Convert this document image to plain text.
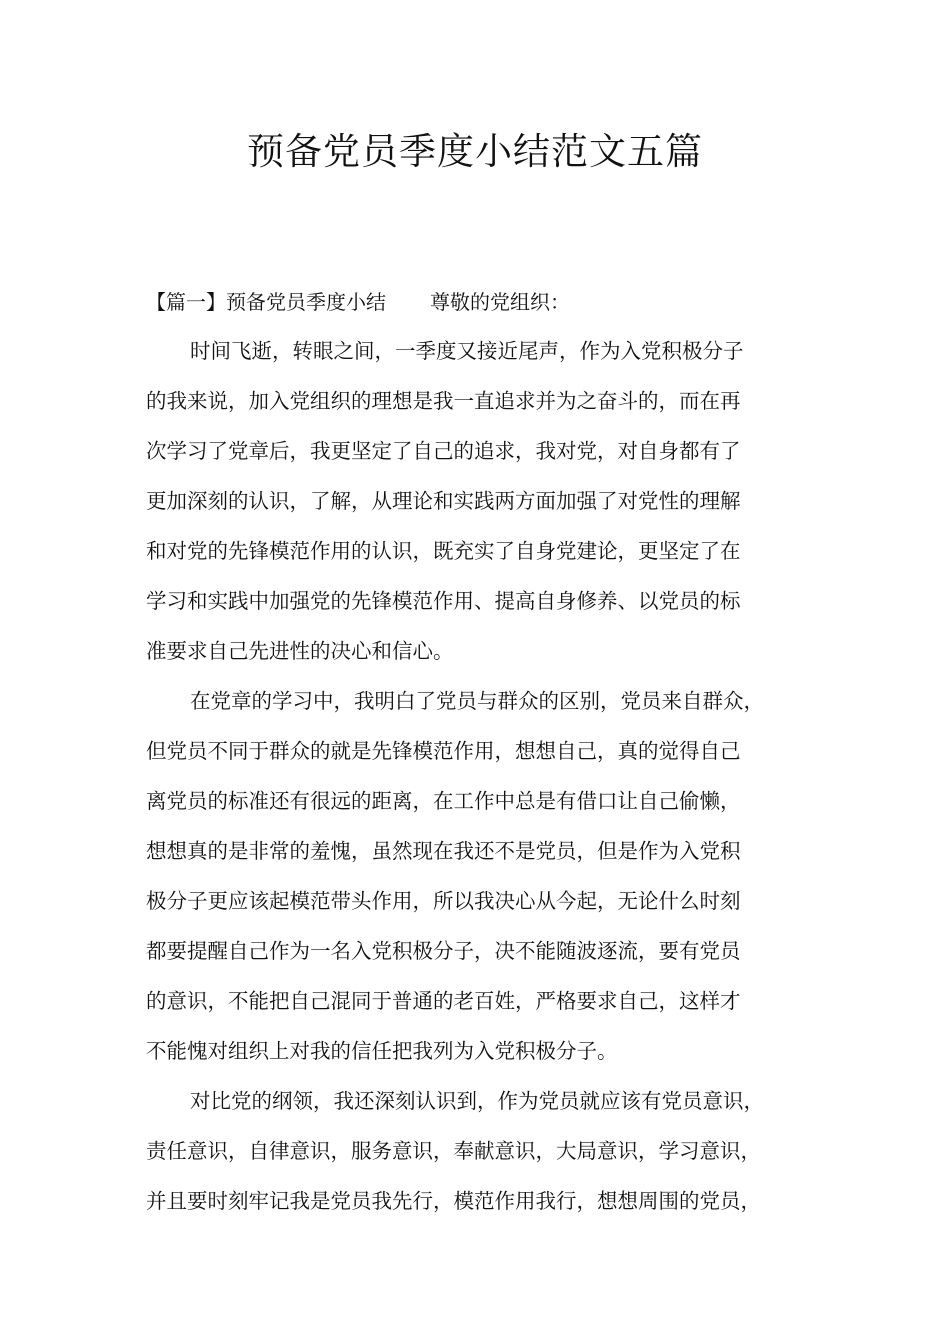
预备党员季度小结范文五篇
【篇一】预备党员季度小结 尊敬的党组织：
时间飞逝，转眼之间，一季度又接近尾声，作为入党积极分子
的我来说，加入党组织的理想是我一直追求并为之奋斗的，而在再
次学习了党章后，我更坚定了自己的追求，我对党，对自身都有了
更加深刻的认识，了解，从理论和实践两方面加强了对党性的理解
和对党的先锋模范作用的认识，既充实了自身党建论，更坚定了在
学习和实践中加强党的先锋模范作用、提高自身修养、以党员的标
准要求自己先进性的决心和信心。
在党章的学习中，我明白了党员与群众的区别，党员来自群众，
但党员不同于群众的就是先锋模范作用，想想自己，真的觉得自己
离党员的标准还有很远的距离，在工作中总是有借口让自己偷懒，
想想真的是非常的羞愧，虽然现在我还不是党员，但是作为入党积
极分子更应该起模范带头作用，所以我决心从今起，无论什么时刻
都要提醒自己作为一名入党积极分子，决不能随波逐流，要有党员
的意识，不能把自己混同于普通的老百姓，严格要求自己，这样才
不能愧对组织上对我的信任把我列为入党积极分子。
对比党的纲领，我还深刻认识到，作为党员就应该有党员意识，
责任意识，自律意识，服务意识，奉献意识，大局意识，学习意识，
并且要时刻牢记我是党员我先行，模范作用我行，想想周围的党员，
